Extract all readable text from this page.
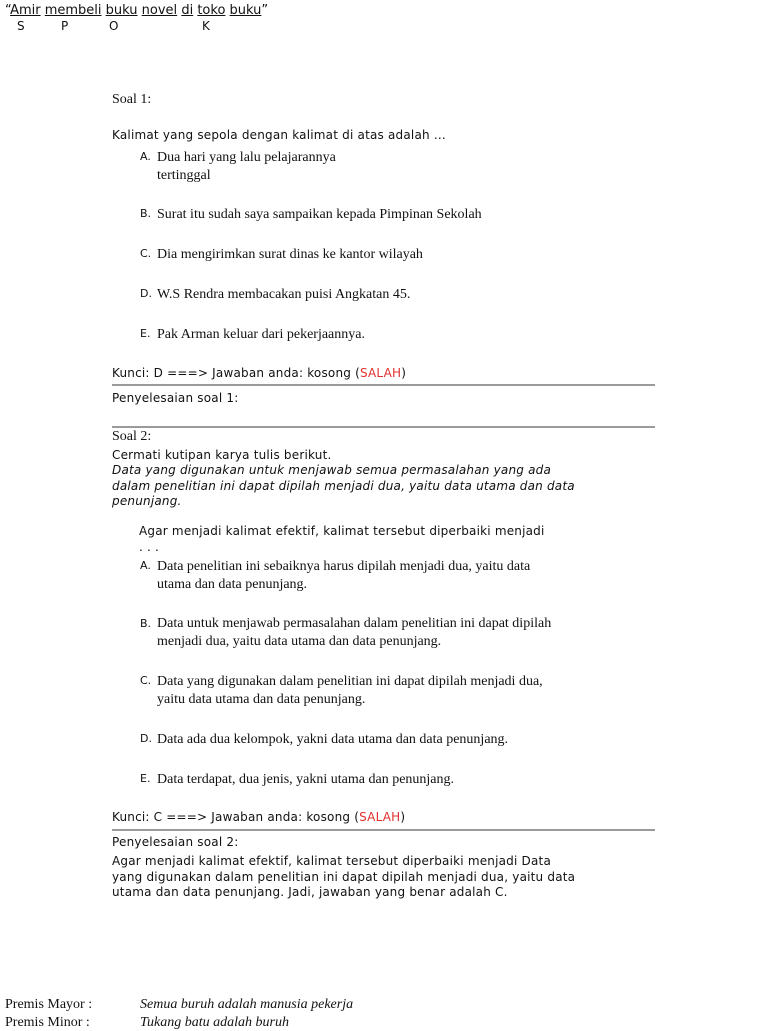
“Amir membeli buku novel di toko buku”
S	P	O	K
Soal 1:
Kalimat yang sepola dengan kalimat di atas adalah ...
A. Dua hari yang lalu pelajarannya
tertinggal
B. Surat itu sudah saya sampaikan kepada Pimpinan Sekolah
C. Dia mengirimkan surat dinas ke kantor wilayah
D. W.S Rendra membacakan puisi Angkatan 45.
E. Pak Arman keluar dari pekerjaannya.
Kunci: D ===> Jawaban anda: kosong (SALAH)
Penyelesaian soal 1:
Soal 2:
Cermati kutipan karya tulis berikut.
Data yang digunakan untuk menjawab semua permasalahan yang ada
dalam penelitian ini dapat dipilah menjadi dua, yaitu data utama dan data
penunjang.
Agar menjadi kalimat efektif, kalimat tersebut diperbaiki menjadi
. . .
A. Data penelitian ini sebaiknya harus dipilah menjadi dua, yaitu data
utama dan data penunjang.
B. Data untuk menjawab permasalahan dalam penelitian ini dapat dipilah
menjadi dua, yaitu data utama dan data penunjang.
C. Data yang digunakan dalam penelitian ini dapat dipilah menjadi dua,
yaitu data utama dan data penunjang.
D. Data ada dua kelompok, yakni data utama dan data penunjang.
E. Data terdapat, dua jenis, yakni utama dan penunjang.
Kunci: C ===> Jawaban anda: kosong (SALAH)
Penyelesaian soal 2:
Agar menjadi kalimat efektif, kalimat tersebut diperbaiki menjadi Data
yang digunakan dalam penelitian ini dapat dipilah menjadi dua, yaitu data
utama dan data penunjang. Jadi, jawaban yang benar adalah C.
Premis Mayor :	Semua buruh adalah manusia pekerja
Premis Minor :	Tukang batu adalah buruh
